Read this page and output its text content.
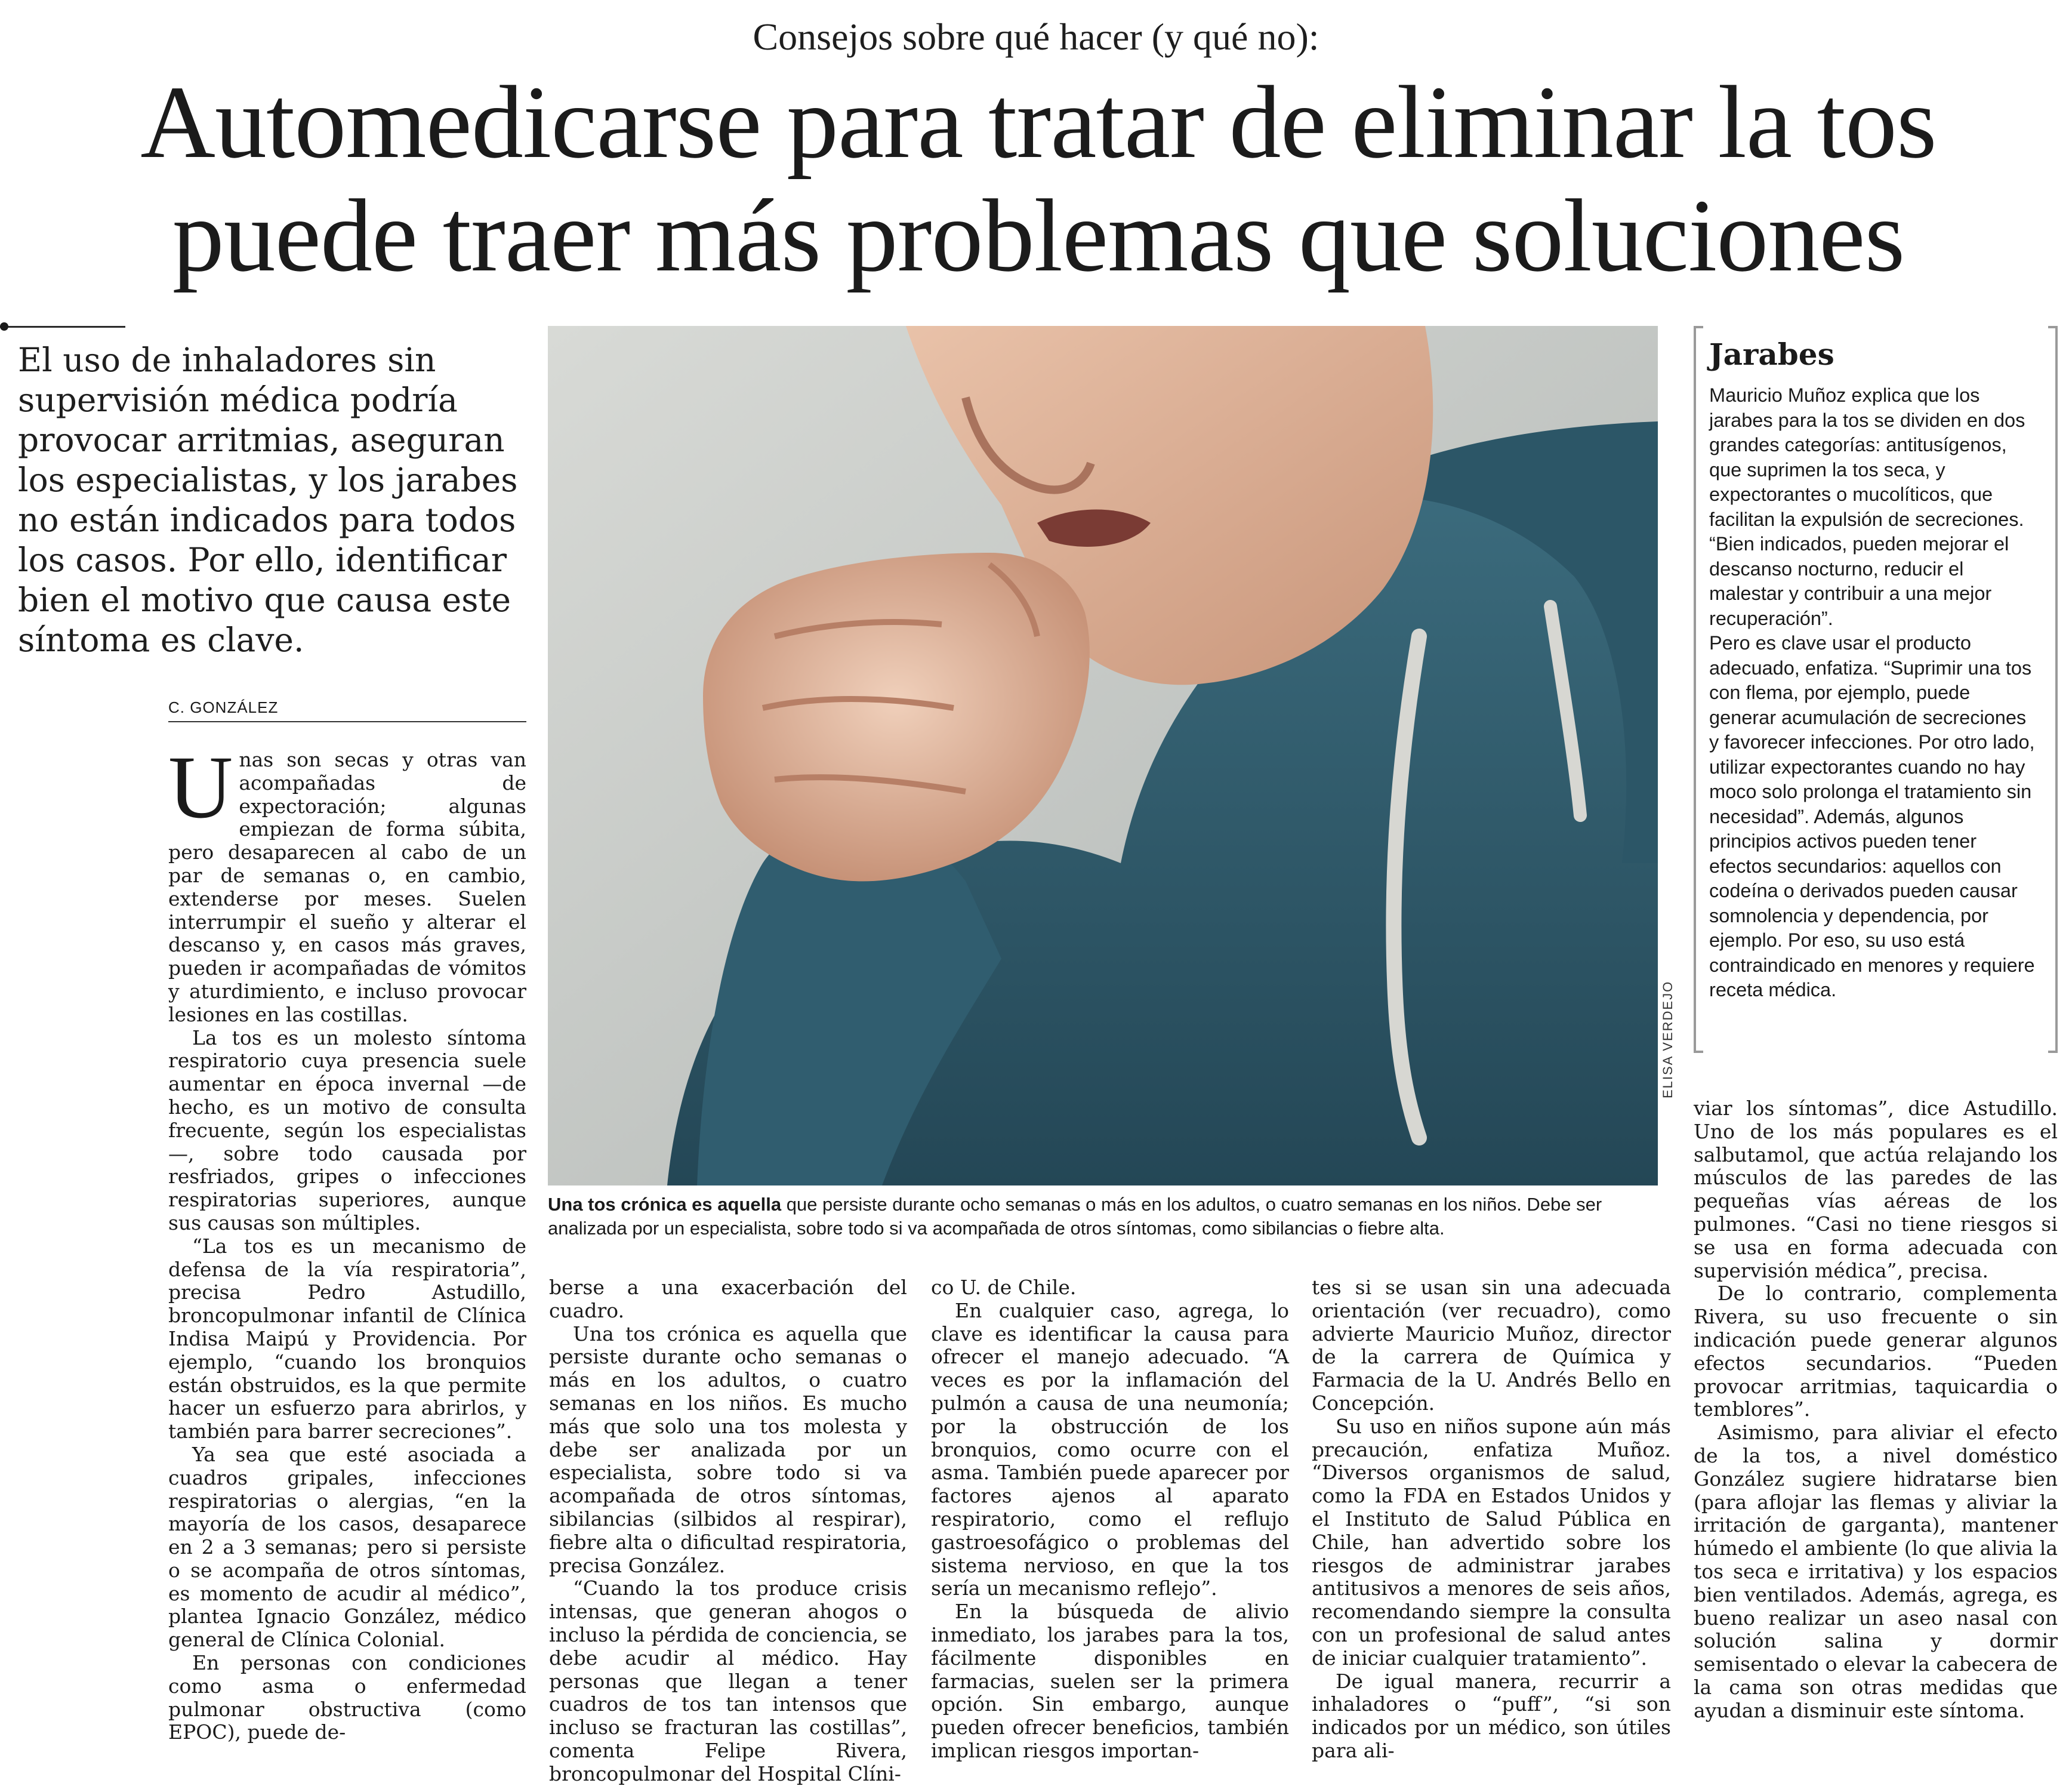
Consejos sobre qué hacer (y qué no):
Automedicarse para tratar de eliminar la tos
puede traer más problemas que soluciones
El uso de inhaladores sin supervisión médica podría provocar arritmias, aseguran los especialistas, y los jarabes no están indicados para todos los casos. Por ello, identificar bien el motivo que causa este síntoma es clave.
C. GONZÁLEZ

Unas son secas y otras van acompañadas de expectoración; algunas empiezan de forma súbita, pero desaparecen al cabo de un par de semanas o, en cambio, extenderse por meses. Suelen interrumpir el sueño y alterar el descanso y, en casos más graves, pueden ir acompañadas de vómitos y aturdimiento, e incluso provocar lesiones en las costillas.

La tos es un molesto síntoma respiratorio cuya presencia suele aumentar en época invernal —de hecho, es un motivo de consulta frecuente, según los especialistas—, sobre todo causada por resfriados, gripes o infecciones respiratorias superiores, aunque sus causas son múltiples.

“La tos es un mecanismo de defensa de la vía respiratoria”, precisa Pedro Astudillo, broncopulmonar infantil de Clínica Indisa Maipú y Providencia. Por ejemplo, “cuando los bronquios están obstruidos, es la que permite hacer un esfuerzo para abrirlos, y también para barrer secreciones”.

Ya sea que esté asociada a cuadros gripales, infecciones respiratorias o alergias, “en la mayoría de los casos, desaparece en 2 a 3 semanas; pero si persiste o se acompaña de otros síntomas, es momento de acudir al médico”, plantea Ignacio González, médico general de Clínica Colonial.

En personas con condiciones como asma o enfermedad pulmonar obstructiva (como EPOC), puede de-

ELISA VERDEJO
Una tos crónica es aquella que persiste durante ocho semanas o más en los adultos, o cuatro semanas en los niños. Debe ser analizada por un especialista, sobre todo si va acompañada de otros síntomas, como sibilancias o fiebre alta.
Jarabes

Mauricio Muñoz explica que los jarabes para la tos se dividen en dos grandes categorías: antitusígenos, que suprimen la tos seca, y expectorantes o mucolíticos, que facilitan la expulsión de secreciones. “Bien indicados, pueden mejorar el descanso nocturno, reducir el malestar y contribuir a una mejor recuperación”.

Pero es clave usar el producto adecuado, enfatiza. “Suprimir una tos con flema, por ejemplo, puede generar acumulación de secreciones y favorecer infecciones. Por otro lado, utilizar expectorantes cuando no hay moco solo prolonga el tratamiento sin necesidad”. Además, algunos principios activos pueden tener efectos secundarios: aquellos con codeína o derivados pueden causar somnolencia y dependencia, por ejemplo. Por eso, su uso está contraindicado en menores y requiere receta médica.

berse a una exacerbación del cuadro.

Una tos crónica es aquella que persiste durante ocho semanas o más en los adultos, o cuatro semanas en los niños. Es mucho más que solo una tos molesta y debe ser analizada por un especialista, sobre todo si va acompañada de otros síntomas, sibilancias (silbidos al respirar), fiebre alta o dificultad respiratoria, precisa González.

“Cuando la tos produce crisis intensas, que generan ahogos o incluso la pérdida de conciencia, se debe acudir al médico. Hay personas que llegan a tener cuadros de tos tan intensos que incluso se fracturan las costillas”, comenta Felipe Rivera, broncopulmonar del Hospital Clíni-

co U. de Chile.

En cualquier caso, agrega, lo clave es identificar la causa para ofrecer el manejo adecuado. “A veces es por la inflamación del pulmón a causa de una neumonía; por la obstrucción de los bronquios, como ocurre con el asma. También puede aparecer por factores ajenos al aparato respiratorio, como el reflujo gastroesofágico o problemas del sistema nervioso, en que la tos sería un mecanismo reflejo”.

En la búsqueda de alivio inmediato, los jarabes para la tos, fácilmente disponibles en farmacias, suelen ser la primera opción. Sin embargo, aunque pueden ofrecer beneficios, también implican riesgos importan-

tes si se usan sin una adecuada orientación (ver recuadro), como advierte Mauricio Muñoz, director de la carrera de Química y Farmacia de la U. Andrés Bello en Concepción.

Su uso en niños supone aún más precaución, enfatiza Muñoz. “Diversos organismos de salud, como la FDA en Estados Unidos y el Instituto de Salud Pública en Chile, han advertido sobre los riesgos de administrar jarabes antitusivos a menores de seis años, recomendando siempre la consulta con un profesional de salud antes de iniciar cualquier tratamiento”.

De igual manera, recurrir a inhaladores o “puff”, “si son indicados por un médico, son útiles para ali-

viar los síntomas”, dice Astudillo. Uno de los más populares es el salbutamol, que actúa relajando los músculos de las paredes de las pequeñas vías aéreas de los pulmones. “Casi no tiene riesgos si se usa en forma adecuada con supervisión médica”, precisa.

De lo contrario, complementa Rivera, su uso frecuente o sin indicación puede generar algunos efectos secundarios. “Pueden provocar arritmias, taquicardia o temblores”.

Asimismo, para aliviar el efecto de la tos, a nivel doméstico González sugiere hidratarse bien (para aflojar las flemas y aliviar la irritación de garganta), mantener húmedo el ambiente (lo que alivia la tos seca e irritativa) y los espacios bien ventilados. Además, agrega, es bueno realizar un aseo nasal con solución salina y dormir semisentado o elevar la cabecera de la cama son otras medidas que ayudan a disminuir este síntoma.
